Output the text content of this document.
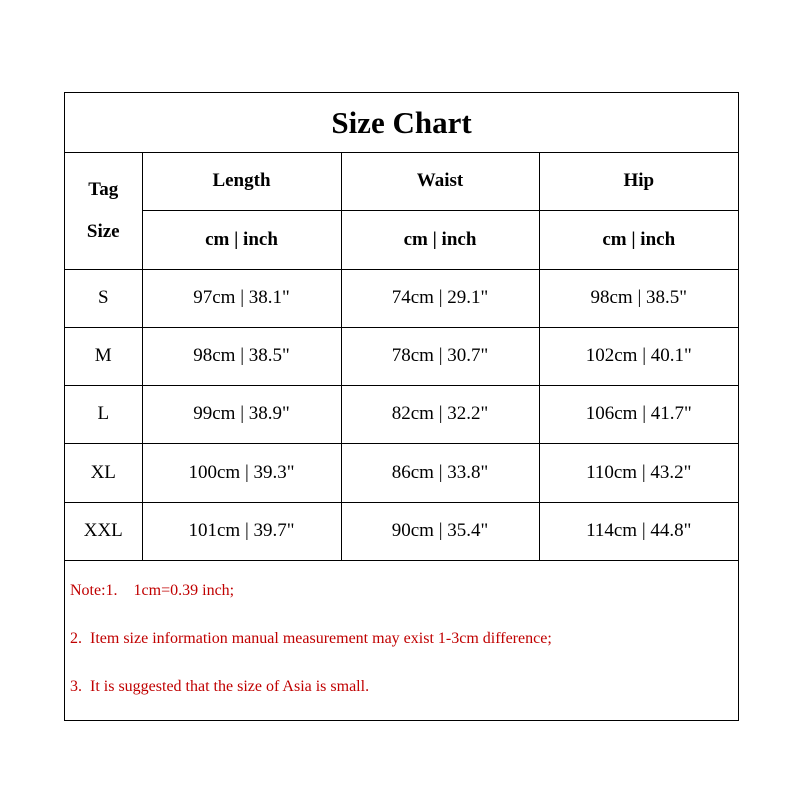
Size Chart
Tag
Size	Length	Waist	Hip
	cm | inch	cm | inch	cm | inch
S	97cm | 38.1"	74cm | 29.1"	98cm | 38.5"
M	98cm | 38.5"	78cm | 30.7"	102cm | 40.1"
L	99cm | 38.9"	82cm | 32.2"	106cm | 41.7"
XL	100cm | 39.3"	86cm | 33.8"	110cm | 43.2"
XXL	101cm | 39.7"	90cm | 35.4"	114cm | 44.8"
Note:1.    1cm=0.39 inch;
2.  Item size information manual measurement may exist 1-3cm difference;
3.  It is suggested that the size of Asia is small.
